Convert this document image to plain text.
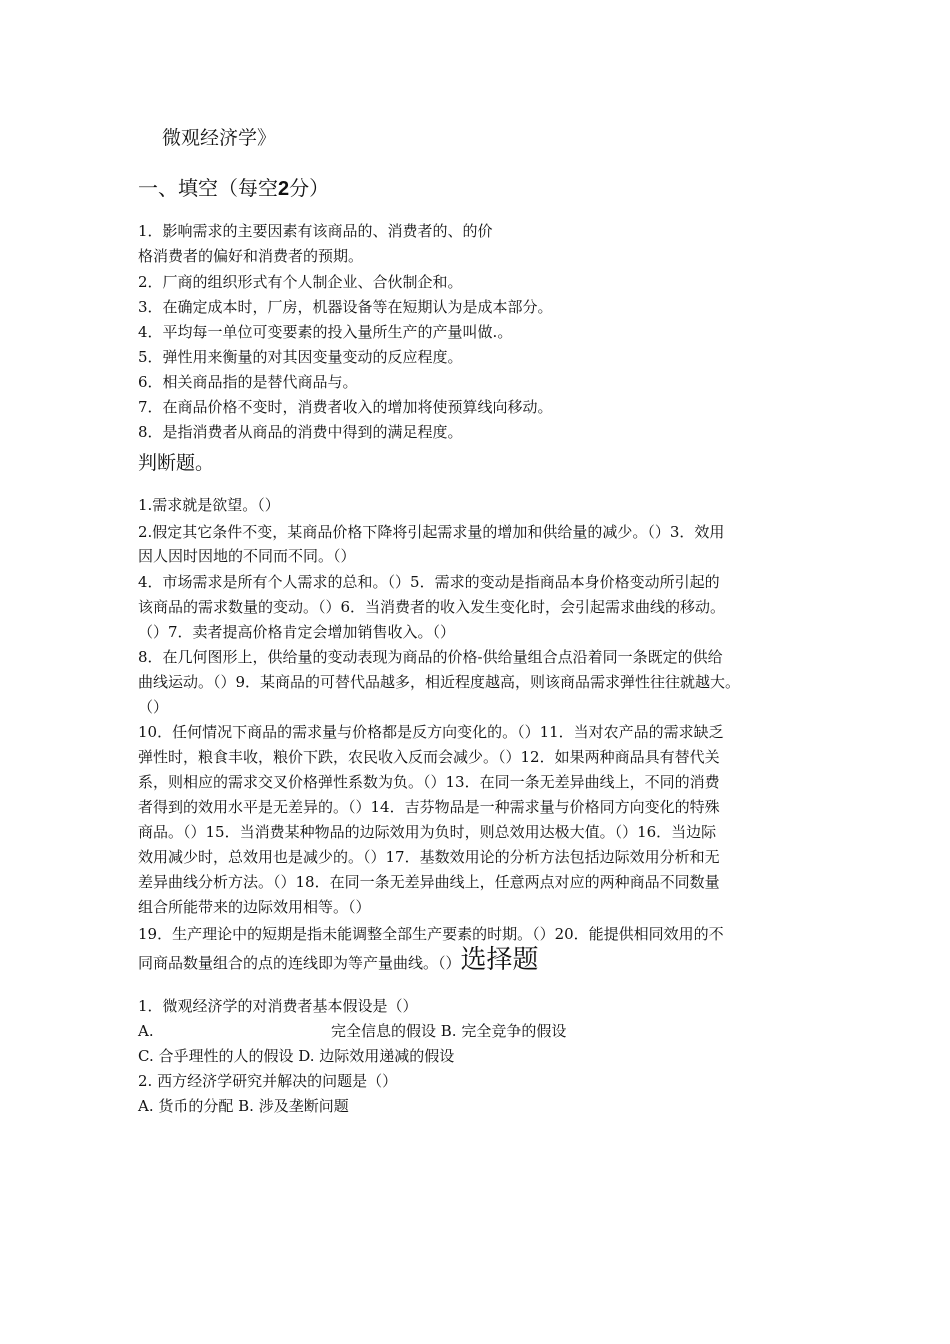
微观经济学》
一、填空（每空2分）
1．影响需求的主要因素有该商品的、消费者的、的价
格消费者的偏好和消费者的预期。
2．厂商的组织形式有个人制企业、合伙制企和。
3．在确定成本时，厂房，机器设备等在短期认为是成本部分。
4．平均每一单位可变要素的投入量所生产的产量叫做.。
5．弹性用来衡量的对其因变量变动的反应程度。
6．相关商品指的是替代商品与。
7．在商品价格不变时，消费者收入的增加将使预算线向移动。
8．是指消费者从商品的消费中得到的满足程度。
判断题。
1.需求就是欲望。（）
2.假定其它条件不变，某商品价格下降将引起需求量的增加和供给量的减少。（）3．效用
因人因时因地的不同而不同。（）
4．市场需求是所有个人需求的总和。（）5．需求的变动是指商品本身价格变动所引起的
该商品的需求数量的变动。（）6．当消费者的收入发生变化时，会引起需求曲线的移动。
（）7．卖者提高价格肯定会增加销售收入。（）
8．在几何图形上，供给量的变动表现为商品的价格-供给量组合点沿着同一条既定的供给
曲线运动。（）9．某商品的可替代品越多，相近程度越高，则该商品需求弹性往往就越大。
（）
10．任何情况下商品的需求量与价格都是反方向变化的。（）11．当对农产品的需求缺乏
弹性时，粮食丰收，粮价下跌，农民收入反而会减少。（）12．如果两种商品具有替代关
系，则相应的需求交叉价格弹性系数为负。（）13．在同一条无差异曲线上，不同的消费
者得到的效用水平是无差异的。（）14．吉芬物品是一种需求量与价格同方向变化的特殊
商品。（）15．当消费某种物品的边际效用为负时，则总效用达极大值。（）16．当边际
效用减少时，总效用也是减少的。（）17．基数效用论的分析方法包括边际效用分析和无
差异曲线分析方法。（）18．在同一条无差异曲线上，任意两点对应的两种商品不同数量
组合所能带来的边际效用相等。（）
19．生产理论中的短期是指未能调整全部生产要素的时期。（）20．能提供相同效用的不
同商品数量组合的点的连线即为等产量曲线。（）选择题
1．微观经济学的对消费者基本假设是（）
A.	完全信息的假设 B. 完全竞争的假设
C. 合乎理性的人的假设 D. 边际效用递减的假设
2. 西方经济学研究并解决的问题是（）
A. 货币的分配 B. 涉及垄断问题
